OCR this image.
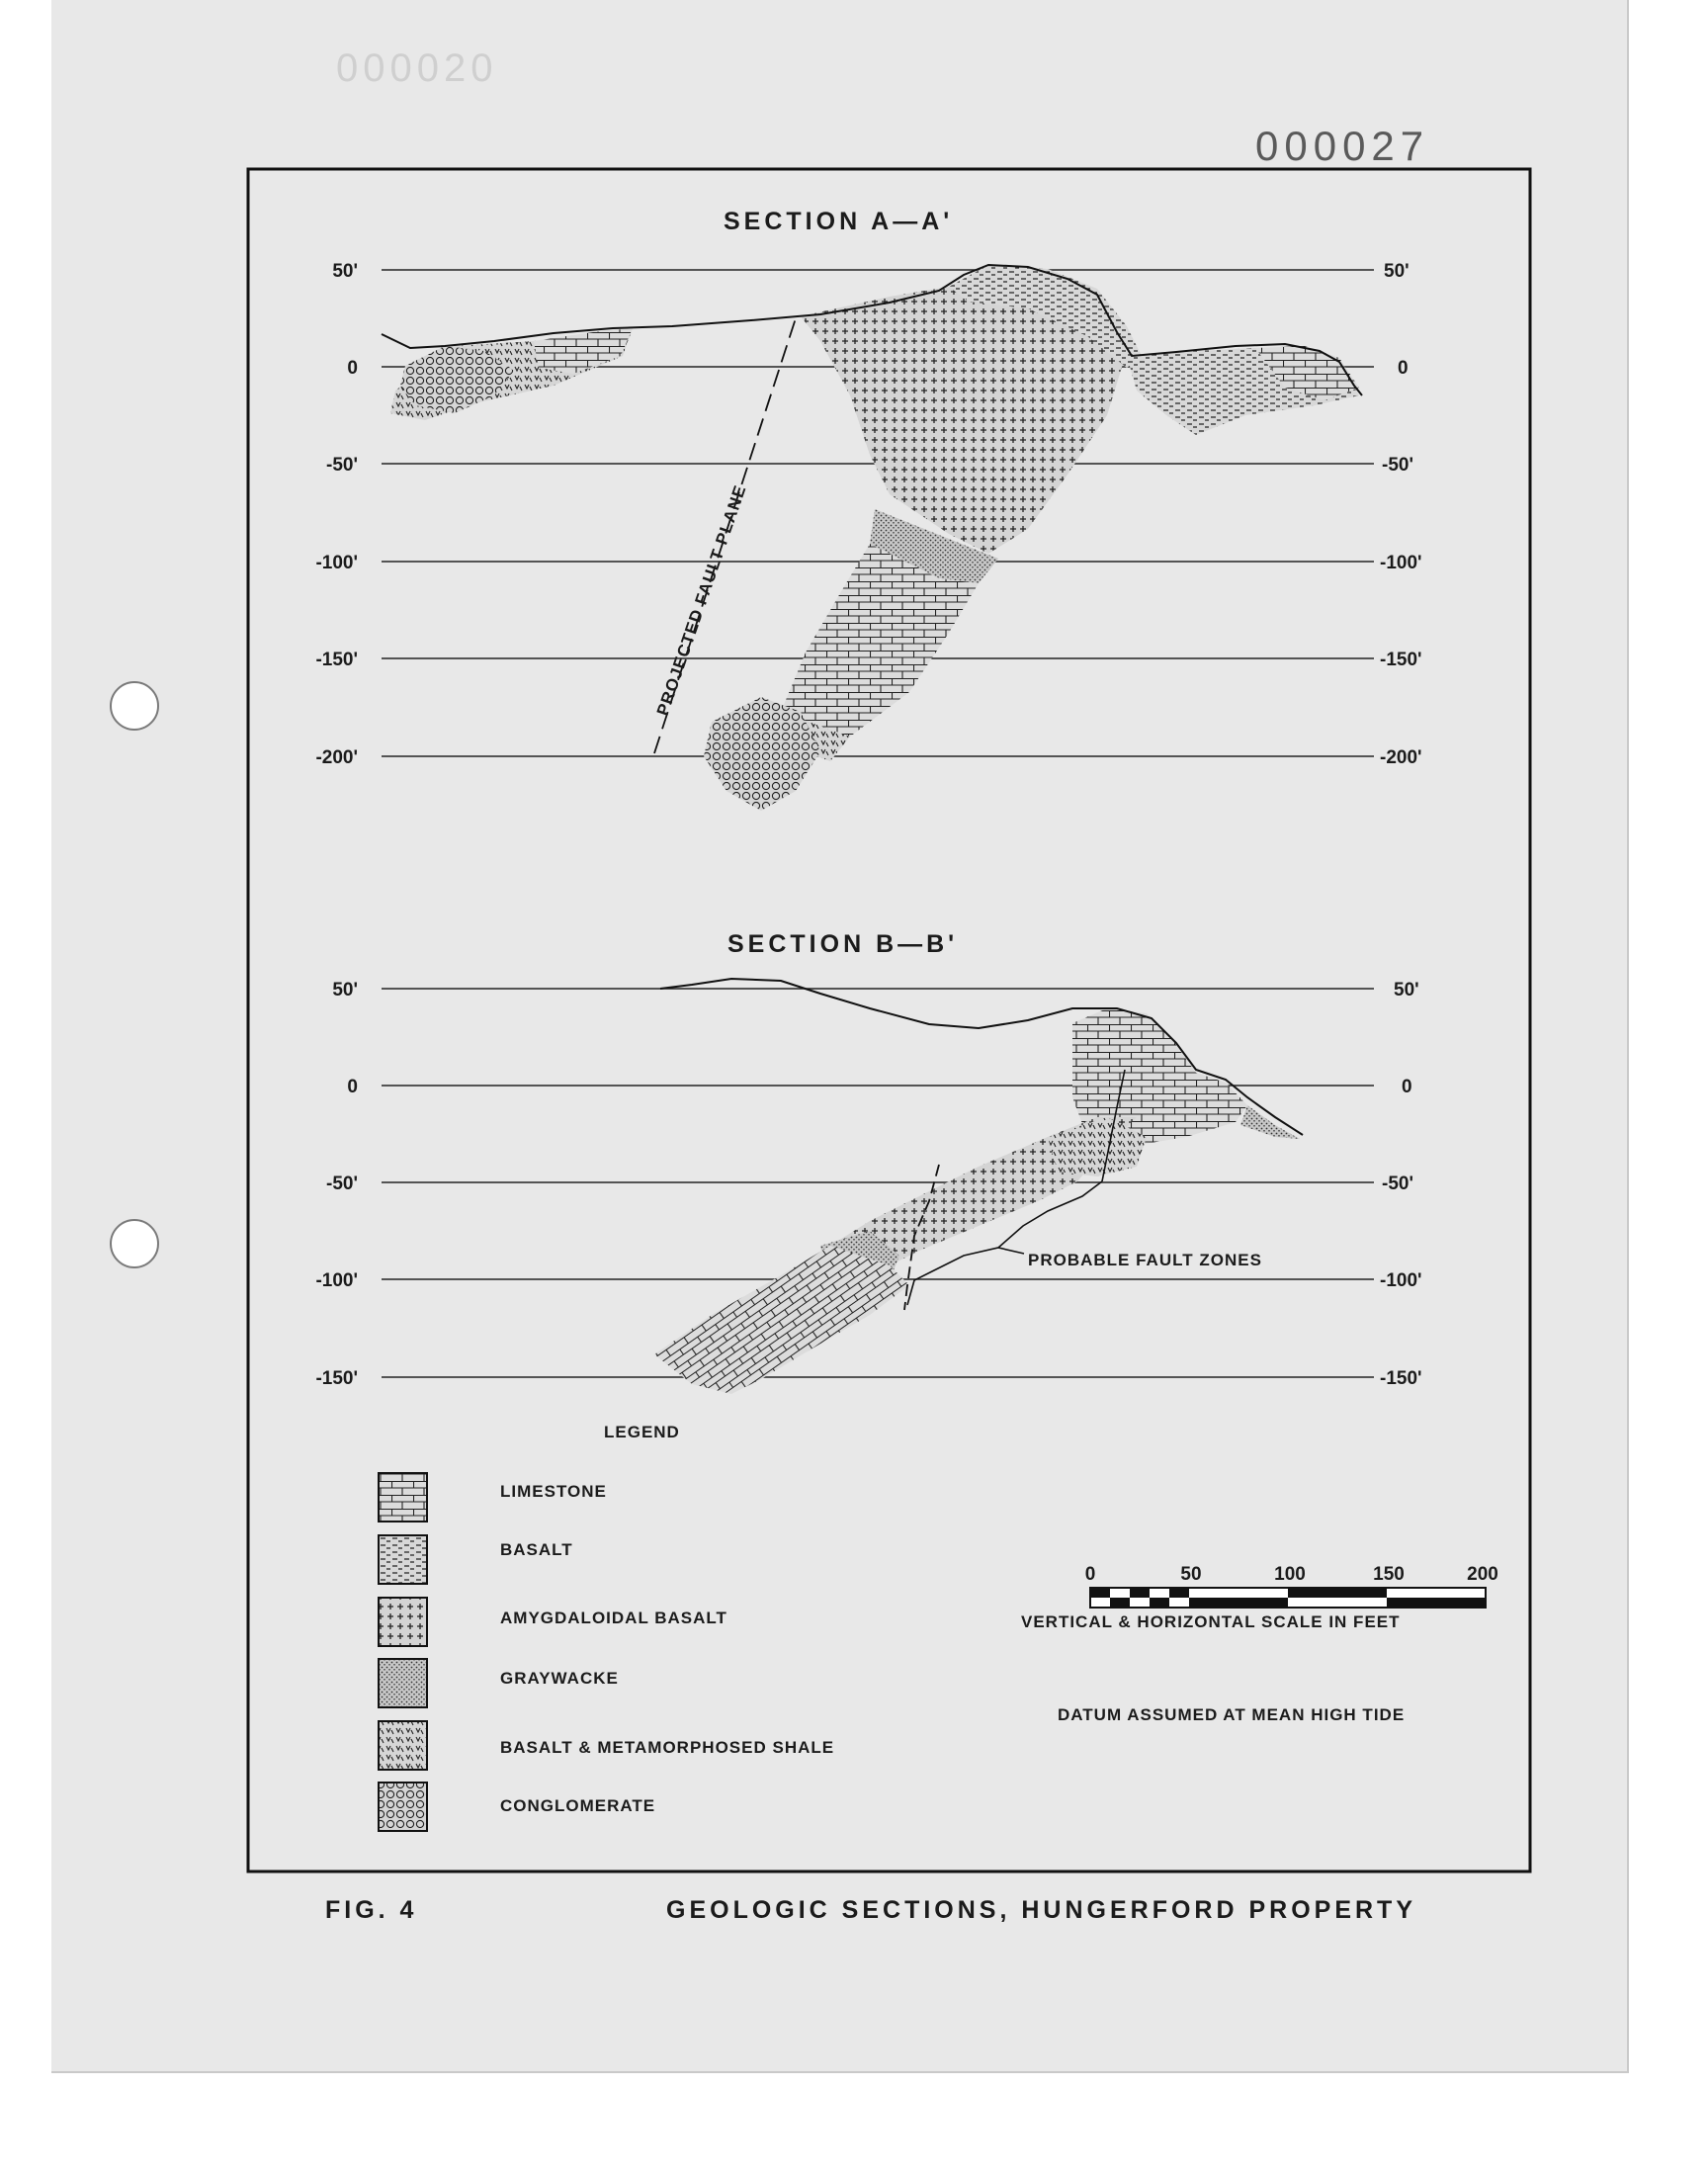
000020
000027
SECTION A—A'
50'
0
-50'
-100'
-150'
-200'
50'
0
-50'
-100'
-150'
-200'
PROJECTED FAULT PLANE
SECTION B—B'
50'
0
-50'
-100'
-150'
50'
0
-50'
-100'
-150'
PROBABLE FAULT ZONES
LEGEND
LIMESTONE
BASALT
AMYGDALOIDAL BASALT
GRAYWACKE
BASALT & METAMORPHOSED SHALE
CONGLOMERATE
0	50	100	150	200
VERTICAL & HORIZONTAL SCALE IN FEET
DATUM ASSUMED AT MEAN HIGH TIDE
FIG. 4	GEOLOGIC SECTIONS, HUNGERFORD PROPERTY
